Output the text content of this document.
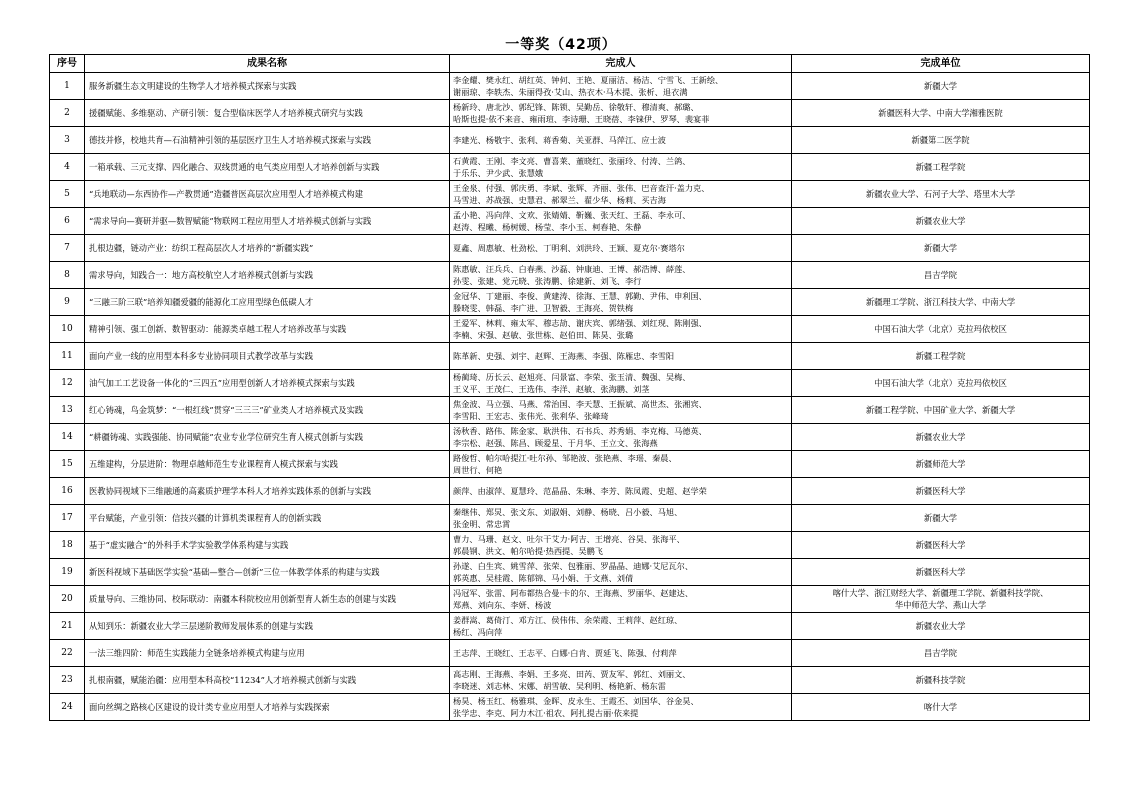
一等奖（42项）
序号	成果名称	完成人	完成单位
1	服务新疆生态文明建设的生物学人才培养模式探索与实践	李金耀、樊永红、胡红英、钟何、王艳、夏丽洁、杨洁、宁雪飞、王新绘、
谢丽琼、李轶杰、朱丽得孜·艾山、热衣木·马木提、张析、退衣满	新疆大学
2	援疆赋能、多维驱动、产研引领：复合型临床医学人才培养模式研究与实践	杨新玲、唐北沙、郭纪锋、陈锁、吴勤岳、徐敬轩、穆清爽、郝璐、
哈斯也提·依不来音、雍雨瑄、李诗珊、王晓蓓、李铼伊、罗琴、裴宴菲	新疆医科大学、中南大学湘雅医院
3	德技并修，校地共育—石油精神引领的基层医疗卫生人才培养模式探索与实践	李建光、杨敬宇、张利、蒋香菊、关亚群、马萍江、应士波	新疆第二医学院
4	一箱承载、三元支撑、四化融合、双线贯通的电气类应用型人才培养创新与实践	石黄霞、王刚、李文亮、曹喜莱、董晓红、张丽玲、付涛、兰鸽、
于乐乐、尹少武、张慧娥	新疆工程学院
5	“兵地联动—东西协作—产教贯通”造疆普医高层次应用型人才培养模式构建	王金泉、付强、郭庆勇、李斌、张辉、齐丽、张伟、巴音查汗·盖力克、
马雪进、苏战强、史慧君、郝翠兰、翟少华、杨莉、买吉海	新疆农业大学、石河子大学、塔里木大学
6	“需求导向—赛研并驱—数智赋能”物联网工程应用型人才培养模式创新与实践	孟小艳、冯向萍、文欢、张婧婧、靳巍、张天红、王磊、李永可、
赵涛、程曦、杨树媛、杨莹、李小玉、柯春艳、朱静	新疆农业大学
7	扎根边疆，链动产业：纺织工程高层次人才培养的“新疆实践”	夏鑫、周惠敏、杜劲松、丁明利、刘洪玲、王颖、夏克尔·赛塔尔	新疆大学
8	需求导向，知践合一：地方高校航空人才培养模式创新与实践	陈惠敏、汪兵兵、白春燕、沙磊、钟康迪、王博、郝浩博、薛莲、
孙雯、张建、党元晓、张涛鹏、徐建新、刘飞、李行	昌吉学院
9	“三融三阶三联”培养知疆爱疆的能源化工应用型绿色低碳人才	金冠华、丁建丽、李俊、黄建涛、徐海、王慧、郭勤、尹伟、申利国、
滕晓雯、韩磊、李广进、卫智毅、王海亮、贺铁梅	新疆理工学院、浙江科技大学、中南大学
10	精神引领、强工创新、数智驱动：能源类卓越工程人才培养改革与实践	王爱军、林莉、雍太军、穆志劼、谢庆宾、郭绪强、刘红现、陈刚强、
李楠、宋强、赵敏、张世栋、赵伯田、陈昊、张璐	中国石油大学（北京）克拉玛依校区
11	面向产业一线的应用型本科多专业协同项目式教学改革与实践	陈革新、史强、刘宇、赵辉、王海燕、李强、陈雁忠、李雪阳	新疆工程学院
12	油气加工工艺设备一体化的“三四五”应用型创新人才培养模式探索与实践	杨蔺琦、历长云、赵旭亮、闫景富、李荣、张玉清、魏强、吴梅、
王义平、王茂仁、王选伟、李洋、赵敏、张海鹏、刘茎	中国石油大学（北京）克拉玛依校区
13	红心铸魂，鸟金筑梦：“一根红线”贯穿“三三三”矿业类人才培养模式及实践	焦金波、马立强、马燕、常治国、李天慧、王振斌、高世杰、张湘宾、
李雪阳、王宏志、张伟光、张利华、张峰琦	新疆工程学院、中国矿业大学、新疆大学
14	“耕疆铸魂、实践强能、协同赋能”农业专业学位研究生育人模式创新与实践	汤秋香、路伟、陈金家、耿洪伟、石书兵、苏秀娟、李克梅、马德英、
李宗松、赵强、陈昌、顾爱星、于月华、王立文、张海燕	新疆农业大学
15	五维建构，分层进阶：物理卓越师范生专业课程育人模式探索与实践	路俊哲、帕尔哈提江·吐尔孙、邹艳波、张艳燕、李瑶、秦晨、
周世行、何艳	新疆师范大学
16	医教协同视域下三维融通的高素质护理学本科人才培养实践体系的创新与实践	颜萍、由淑萍、夏慧玲、范晶晶、朱琳、李芳、陈凤霞、史超、赵学荣	新疆医科大学
17	平台赋能，产业引领：信技兴疆的计算机类课程育人的创新实践	秦继伟、郑炅、张文东、刘淑娟、刘静、杨晓、吕小毅、马旭、
张金明、常忠霄	新疆大学
18	基于“虚实融合”的外科手术学实验教学体系构建与实践	曹力、马珊、赵文、吐尔干艾力·阿吉、王增亮、谷昊、张海平、
郭晨钢、洪文、帕尔哈提·热西提、吴鹏飞	新疆医科大学
19	新医科视域下基础医学实验“基础—整合—创新”三位一体教学体系的构建与实践	孙遂、白生宾、姚雪萍、张荣、包雅丽、罗晶晶、迪娜·艾尼瓦尔、
郭英惠、吴桂霞、陈郁锦、马小娟、于文燕、刘倩	新疆医科大学
20	质量导向、三维协同、校际联动：南疆本科院校应用创新型育人新生态的创建与实践	冯冠军、张雷、阿布都热合曼·卡的尔、王海燕、罗丽华、赵建达、
郑燕、刘向东、李妍、杨波	喀什大学、浙江财经大学、新疆理工学院、新疆科技学院、
华中师范大学、燕山大学
21	从知到乐：新疆农业大学三层递阶教师发展体系的创建与实践	姜群嵩、葛倚汀、邓方江、侯伟伟、余荣霞、王莉萍、赵红琼、
杨红、冯向萍	新疆农业大学
22	一法三维四阶：师范生实践能力全链条培养模式构建与应用	王志萍、王晓红、王志平、白娜·白肯、贾延飞、陈强、付莉萍	昌吉学院
23	扎根南疆，赋能治疆：应用型本科高校“11234”人才培养模式创新与实践	高志刚、王海燕、李娟、王多亮、田芮、贾友军、郭红、刘丽文、
李晓迷、刘志林、宋娜、胡雪敏、吴利明、杨艳新、杨东雷	新疆科技学院
24	面向丝绸之路核心区建设的设计类专业应用型人才培养与实践探索	杨昊、杨玉红、杨雅琪、金晖、皮永生、王霞丕、刘国华、谷金昊、
张学忠、李克、阿力木江·祖农、阿扎提古丽·依来提	喀什大学
